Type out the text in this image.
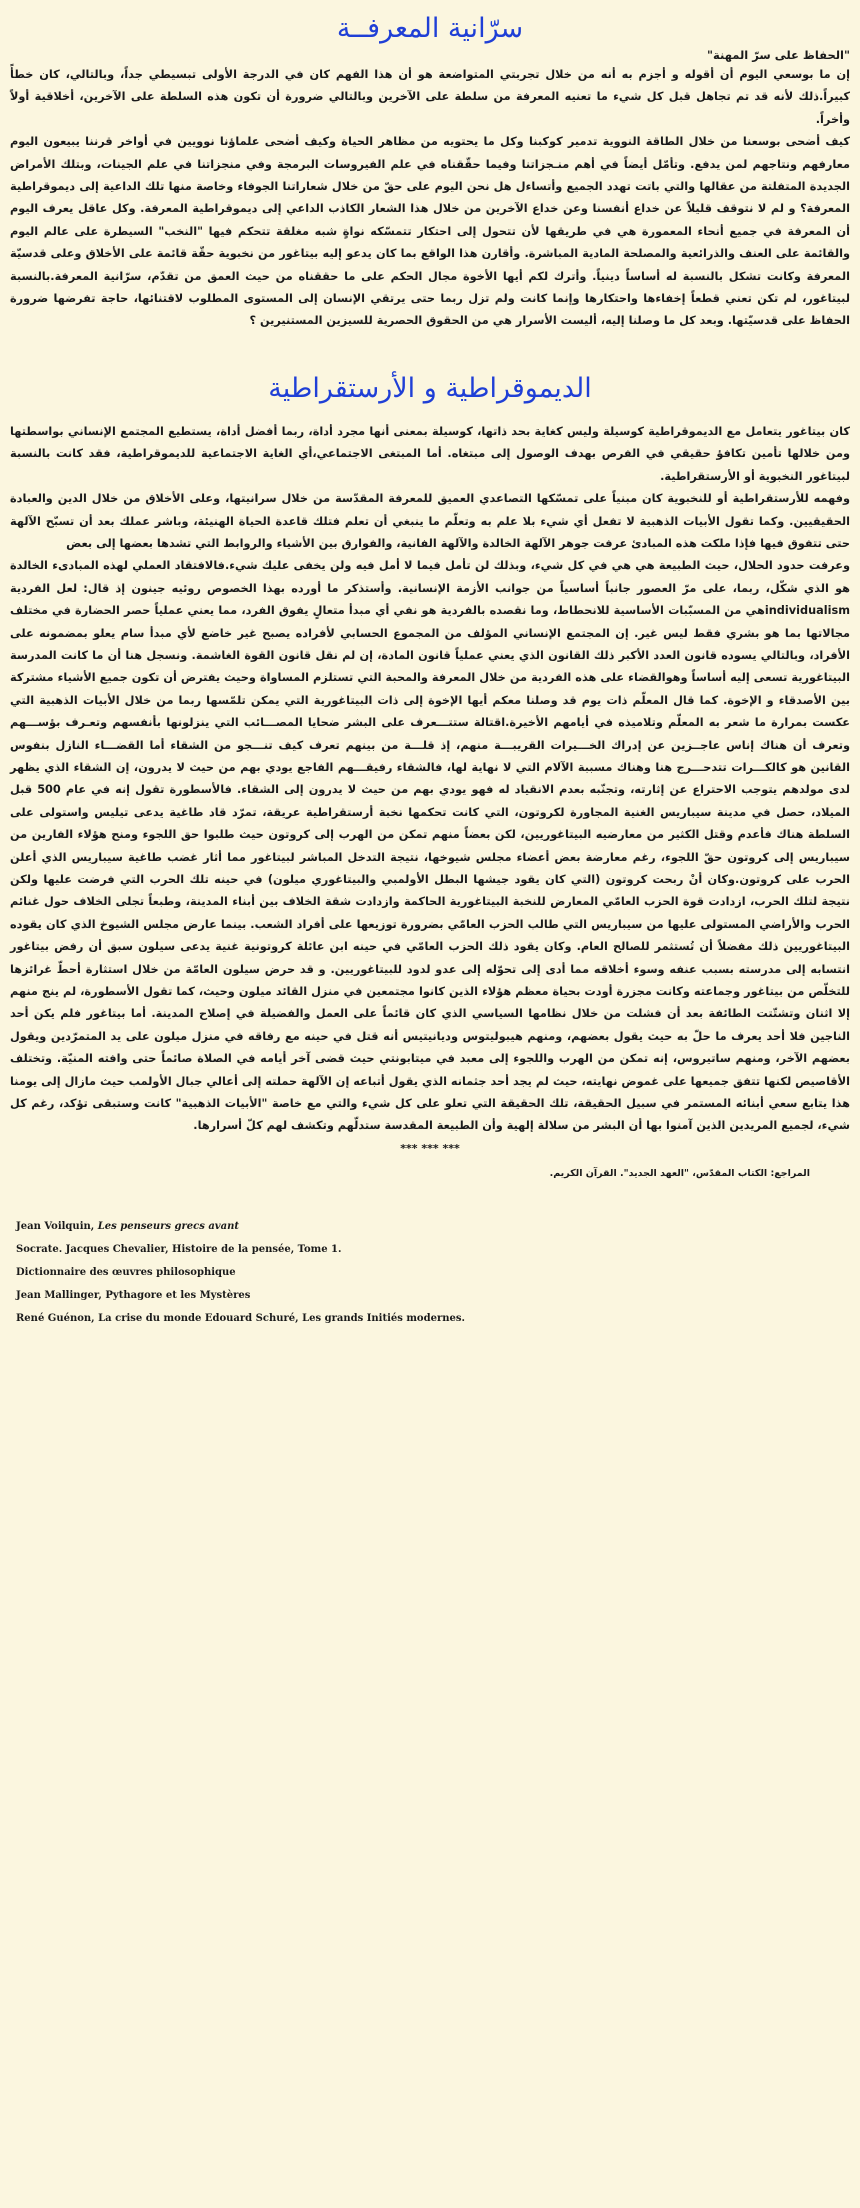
سرّانية المعرفــة
"الحفاظ على سرّ المهنة"

إن ما بوسعي اليوم أن أقوله و أجزم به أنه من خلال تجربتي المتواضعة هو أن هذا الفهم كان في الدرجة الأولى تبسيطي جداً، وبالتالي، كان خطأً كبيراً.ذلك لأنه قد تم تجاهل قبل كل شيء ما تعنيه المعرفة من سلطة على الآخرين وبالتالي ضرورة أن تكون هذه السلطة على الآخرين، أخلاقية أولاً وأخراً.

كيف أضحى بوسعنا من خلال الطاقة النووية تدمير كوكبنا وكل ما يحتويه من مظاهر الحياة وكيف أضحى علماؤنا نوويين في أواخر قرننا يبيعون اليوم معارفهم ونتاجهم لمن يدفع. وتأمّل أيضاً في أهم منـجزاتنا وفيما حقّقناه في علم الفيروسات البرمجة وفي منجزاتنا في علم الجينات، وبتلك الأمراض الجديدة المتفلتة من عقالها والتي باتت تهدد الجميع وأتساءل هل نحن اليوم على حقّ من خلال شعاراتنا الجوفاء وخاصة منها تلك الداعية إلى ديموقراطية المعرفة؟ و لم لا نتوقف قليلاً عن خداع أنفسنا وعن خداع الآخرين من خلال هذا الشعار الكاذب الداعي إلى ديموقراطية المعرفة. وكل عاقل يعرف اليوم أن المعرفة في جميع أنحاء المعمورة هي في طريقها لأن تتحول إلى احتكار تتمسّكه نواةٍ شبه مغلقة تتحكم فيها "النخب" السيطرة على عالم اليوم والقائمة على العنف والذرائعية والمصلحة المادية المباشرة. وأقارن هذا الواقع بما كان يدعو إليه بيتاغور من نخبوية حقّة قائمة على الأخلاق وعلى قدسيّة المعرفة وكانت تشكل بالنسبة له أساساً دينياً. وأترك لكم أيها الأخوة مجال الحكم على ما حققناه من حيث العمق من تقدّم، سرّانية المعرفة.بالنسبة لبيتاغور، لم تكن تعني قطعاً إخفاءها واحتكارها وإنما كانت ولم تزل ربما حتى يرتقي الإنسان إلى المستوى المطلوب لاقتنائها، حاجة تفرضها ضرورة الحفاظ على قدسيّتها. وبعد كل ما وصلنا إليه، أليست الأسرار هي من الحقوق الحصرية للسيزين المستنيرين ؟

الديموقراطية و الأرستقراطية

كان بيتاغور يتعامل مع الديموقراطية كوسيلة وليس كغاية بحد ذاتها، كوسيلة بمعنى أنها مجرد أداة، ربما أفضل أداة، يستطيع المجتمع الإنساني بواسطتها ومن خلالها تأمين تكافؤ حقيقي في الفرص بهدف الوصول إلى مبتغاه. أما المبتغى الاجتماعي،أي الغاية الاجتماعية للديموقراطية، فقد كانت بالنسبة لبيتاغور النخبوية أو الأرستقراطية.

وفهمه للأرستقراطية أو للنخبوية كان مبنياً على تمسّكها التصاعدي العميق للمعرفة المقدّسة من خلال سرانيتها، وعلى الأخلاق من خلال الدين والعبادة الحقيقيين. وكما تقول الأبيات الذهبية لا تفعل أي شيء بلا علم به وتعلّم ما ينبغي أن تعلم فتلك قاعدة الحياة الهنيئة، وباشر عملك بعد أن تسبّح الآلهة حتى تتفوق فيها فإذا ملكت هذه المبادئ عرفت جوهر الآلهة الخالدة والآلهة الفانية، والفوارق بين الأشياء والروابط التي تشدها بعضها إلى بعض

وعرفت حدود الحلال، حيث الطبيعة هي هي في كل شيء، وبذلك لن تأمل فيما لا أمل فيه ولن يخفى عليك شيء.فالافتقاد العملي لهذه المبادىء الخالدة هو الذي شكّل، ربما، على مرّ العصور جانباً أساسياً من جوانب الأزمة الإنسانية. وأستذكر ما أورده بهذا الخصوص روئيه جينون إذ قال: لعل الفردية individualismهي من المسبّبات الأساسية للانحطاط، وما نقصده بالفردية هو نفي أي مبدأ متعالٍ يفوق الفرد، مما يعني عملياً حصر الحضارة في مختلف مجالاتها بما هو بشري فقط ليس غير. إن المجتمع الإنساني المؤلف من المجموع الحسابي لأفراده يصبح غير خاضع لأي مبدأ سام يعلو بمضمونه على الأفراد، وبالتالي يسوده قانون العدد الأكبر ذلك القانون الذي يعني عملياً قانون المادة، إن لم نقل قانون القوة الغاشمة. ونسجل هنا أن ما كانت المدرسة البيتاغورية تسعى إليه أساساً وهوالقضاء على هذه الفردية من خلال المعرفة والمحبة التي تستلزم المساواة وحيث يفترض أن تكون جميع الأشياء مشتركة بين الأصدقاء و الإخوة. كما قال المعلّم ذات يوم قد وصلنا معكم أيها الإخوة إلى ذات البيتاغورية التي يمكن تلمّسها ربما من خلال الأبيات الذهبية التي عكست بمرارة ما شعر به المعلّم وتلاميذه في أيامهم الأخيرة.اقتالة ستتـــعرف على البشر ضحايا المصـــائب التي ينزلونها بأنفسهم وتعـرف بؤســـهم وتعرف أن هناك إناس عاجــزين عن إدراك الخـــيرات القريبـــة منهم، إذ قلـــة من بينهم تعرف كيف تنـــجو من الشقاء أما القضـــاء النازل بنفوس القانين هو كالكـــرات تتدحـــرج هنا وهناك مسببة الآلام التي لا نهاية لها، فالشقاء رفيقـــهم الفاجع يودي بهم من حيث لا يدرون، إن الشقاء الذي يظهر لدى مولدهم يتوجب الاحتراع عن إثارته، وتجنّبه بعدم الانقياد له فهو يودي بهم من حيث لا يدرون إلى الشقاء. فالأسطورة تقول إنه في عام 500 قبل الميلاد، حصل في مدينة سيباريس الغنية المجاورة لكروتون، التي كانت تحكمها نخبة أرستقراطية عريقة، تمرّد قاد طاغية يدعى تيليس واستولى على السلطة هناك فأعدم وقتل الكثير من معارضيه البيتاغوريين، لكن بعضاً منهم تمكن من الهرب إلى كروتون حيث طلبوا حق اللجوء ومنح هؤلاء الفارين من سيباريس إلى كروتون حقّ اللجوء، رغم معارضة بعض أعضاء مجلس شيوخها، نتيجة التدخل المباشر لبيتاغور مما أثار غضب طاغية سيباريس الذي أعلن الحرب على كروتون.وكان أنْ ربحت كروتون (التي كان يقود جيشها البطل الأولمبي والبيتاغوري ميلون) في حينه تلك الحرب التي فرضت عليها ولكن نتيجة لتلك الحرب، ازدادت قوة الحزب العامّي المعارض للنخبة البيتاغورية الحاكمة وازدادت شقة الخلاف بين أبناء المدينة، وطبعاً تجلى الخلاف حول غنائم الحرب والأراضي المستولى عليها من سيباريس التي طالب الحزب العامّي بضرورة توزيعها على أفراد الشعب. بينما عارض مجلس الشيوخ الذي كان يقوده البيتاغوريين ذلك مفضلاً أن تُستثمر للصالح العام. وكان يقود ذلك الحزب العامّي في حينه ابن عائلة كروتونية غنية يدعى سيلون سبق أن رفض بيتاغور انتسابه إلى مدرسته بسبب عنفه وسوء أخلاقه مما أدى إلى تحوّله إلى عدو لدود للبيتاغوريين. و قد حرض سيلون العامّة من خلال استثارة أحطّ غرائزها للتخلّص من بيتاغور وجماعته وكانت مجزرة أودت بحياة معظم هؤلاء الذين كانوا مجتمعين في منزل القائد ميلون وحيث، كما تقول الأسطورة، لم ينج منهم إلا اثنان وتشتّتت الطائفة بعد أن فشلت من خلال نظامها السياسي الذي كان قائماً على العمل والفضيلة في إصلاح المدينة. أما بيتاغور فلم يكن أحد الناجين فلا أحد يعرف ما حلّ به حيث يقول بعضهم، ومنهم هيبوليتوس وديانيتيس أنه قتل في حينه مع رفاقه في منزل ميلون على يد المتمرّدين ويقول بعضهم الآخر، ومنهم ساتيروس، إنه تمكن من الهرب واللجوء إلى معبد في ميتابونتي حيث قضى آخر أيامه في الصلاة صائماً حتى وافته المنيّة. وتختلف الأقاصيص لكنها تتفق جميعها على غموض نهايته، حيث لم يجد أحد جثمانه الذي يقول أتباعه إن الآلهة حملته إلى أعالي جبال الأولمب حيث مازال إلى يومنا هذا يتابع سعي أبنائه المستمر في سبيل الحقيقة، تلك الحقيقة التي تعلو على كل شيء والتي مع خاصة "الأبيات الذهبية" كانت وستبقى تؤكد، رغم كل شيء، لجميع المريدين الذين آمنوا بها أن البشر من سلالة إلهية وأن الطبيعة المقدسة ستدلّهم وتكشف لهم كلّ أسرارها.

*** *** ***
المراجع: الكتاب المقدّس، "العهد الجديد". القرآن الكريم.
Jean Voilquin, Les penseurs grecs avant
Socrate. Jacques Chevalier, Histoire de la pensée, Tome 1.
Dictionnaire des œuvres philosophique
Jean Mallinger, Pythagore et les Mystères
René Guénon, La crise du monde Edouard Schuré, Les grands Initiés modernes.
